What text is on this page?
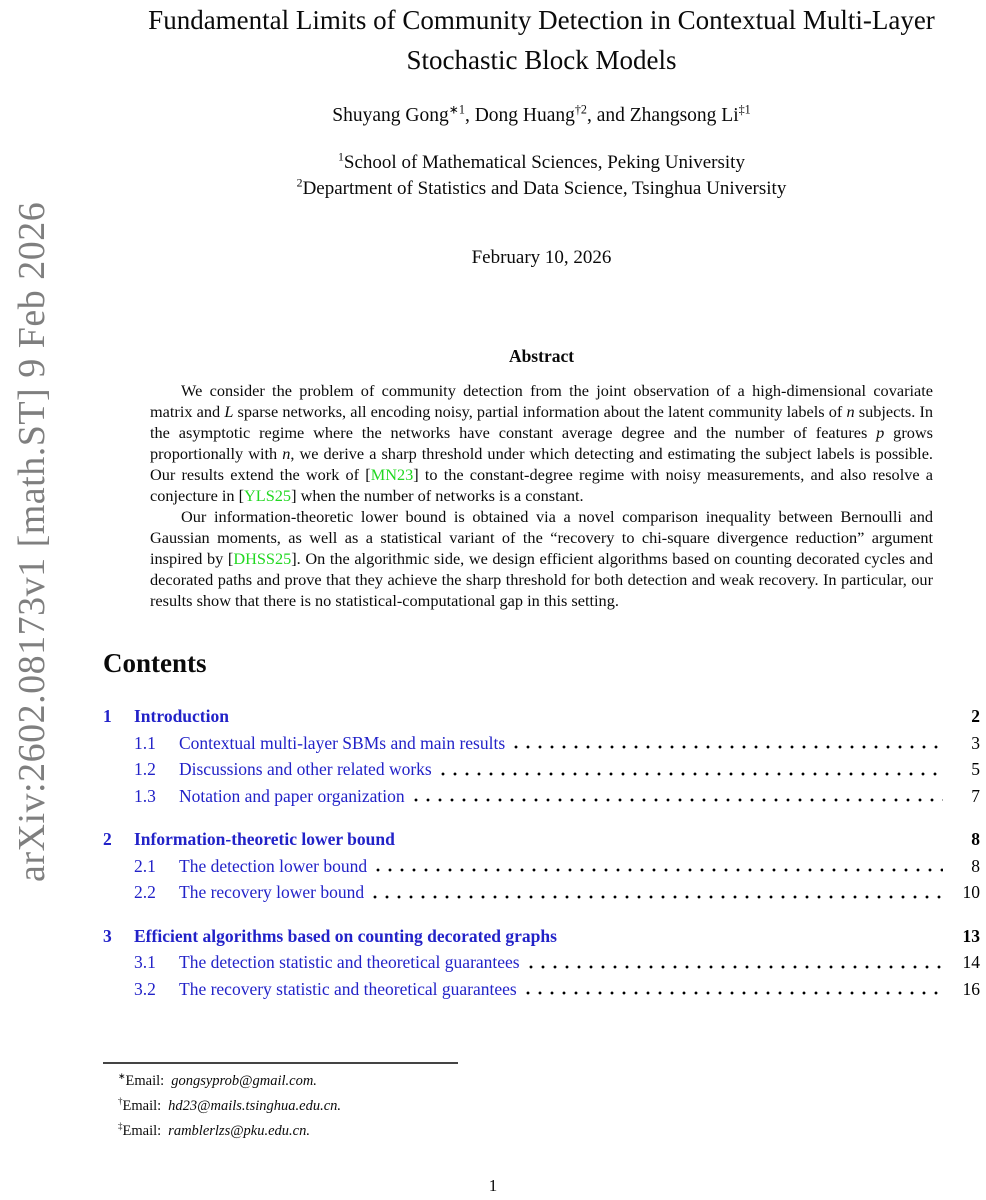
arXiv:2602.08173v1 [math.ST] 9 Feb 2026
Fundamental Limits of Community Detection in Contextual Multi-Layer Stochastic Block Models
Shuyang Gong$^{∗1}$, Dong Huang$^{\dagger 2}$, and Zhangsong Li$^{\ddagger 1}$
$^1$School of Mathematical Sciences, Peking University
$^2$Department of Statistics and Data Science, Tsinghua University
February 10, 2026
Abstract

We consider the problem of community detection from the joint observation of a high-dimensional covariate matrix and L sparse networks, all encoding noisy, partial information about the latent community labels of n subjects. In the asymptotic regime where the networks have constant average degree and the number of features p grows proportionally with n, we derive a sharp threshold under which detecting and estimating the subject labels is possible. Our results extend the work of [MN23] to the constant-degree regime with noisy measurements, and also resolve a conjecture in [YLS25] when the number of networks is a constant.

Our information-theoretic lower bound is obtained via a novel comparison inequality between Bernoulli and Gaussian moments, as well as a statistical variant of the “recovery to chi-square divergence reduction” argument inspired by [DHSS25]. On the algorithmic side, we design efficient algorithms based on counting decorated cycles and decorated paths and prove that they achieve the sharp threshold for both detection and weak recovery. In particular, our results show that there is no statistical-computational gap in this setting.

Contents
1	Introduction	2
1.1	Contextual multi-layer SBMs and main results	3
1.2	Discussions and other related works	5
1.3	Notation and paper organization	7
2	Information-theoretic lower bound	8
2.1	The detection lower bound	8
2.2	The recovery lower bound	10
3	Efficient algorithms based on counting decorated graphs	13
3.1	The detection statistic and theoretical guarantees	14
3.2	The recovery statistic and theoretical guarantees	16
∗Email: gongsyprob@gmail.com.
†Email: hd23@mails.tsinghua.edu.cn.
‡Email: ramblerlzs@pku.edu.cn.
1
